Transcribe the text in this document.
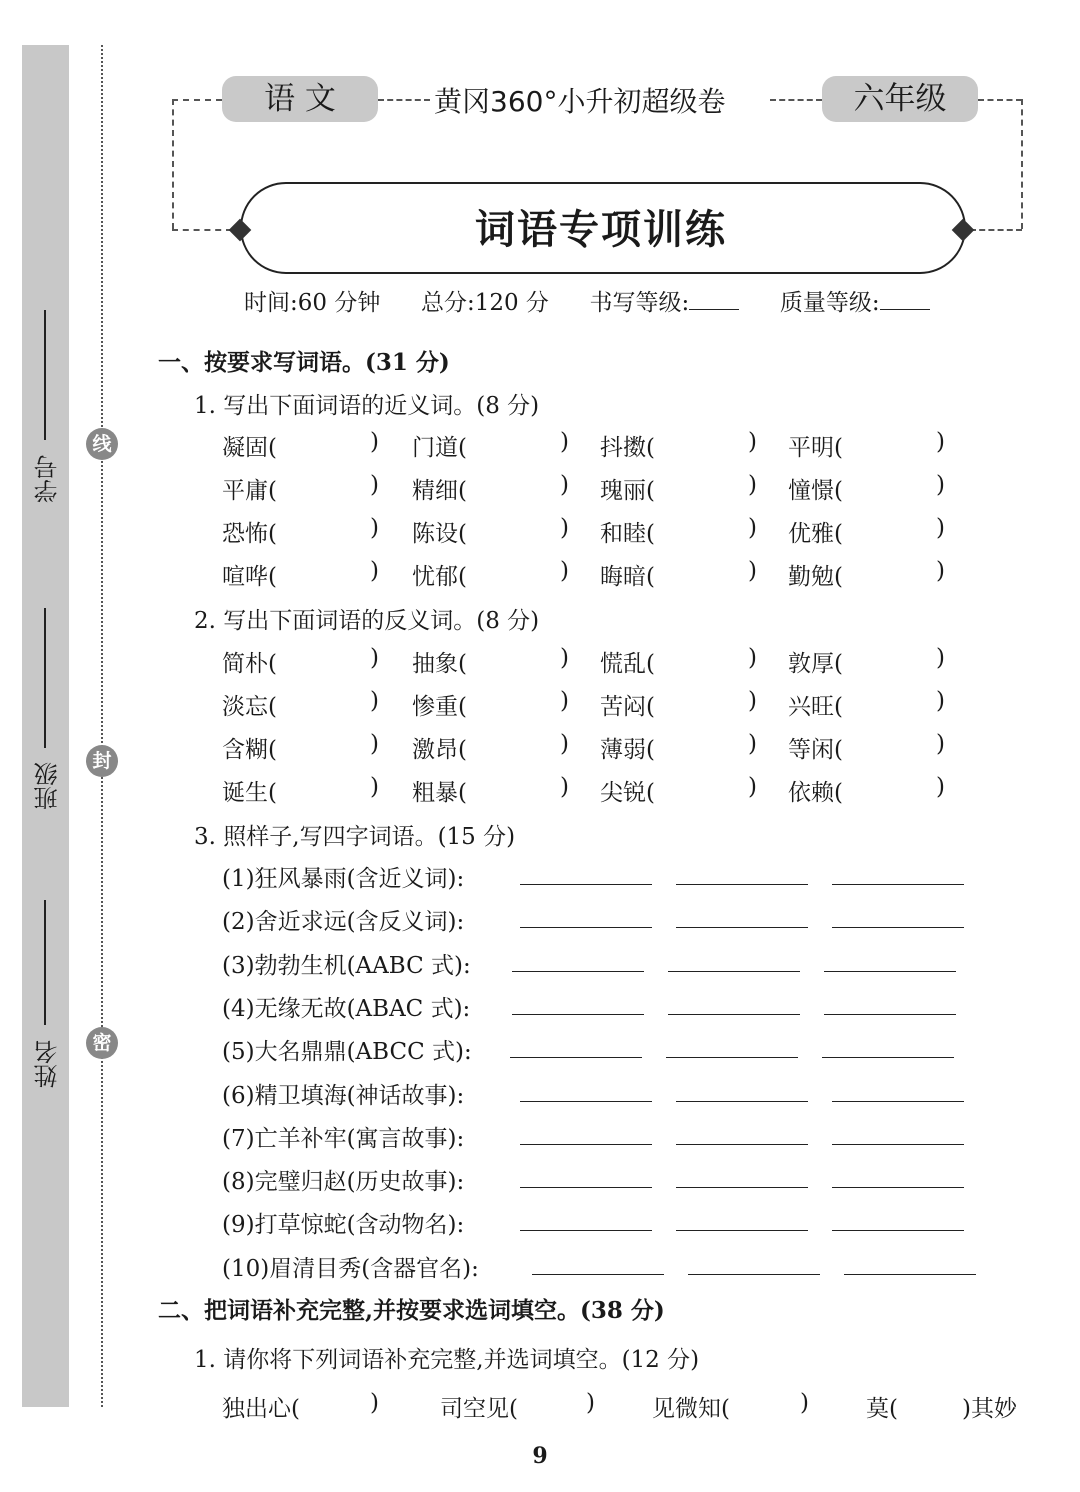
学号
班级
姓名
线
封
密
语 文	黄冈360°小升初超级卷	六年级
词语专项训练
时间:60 分钟 总分:120 分 书写等级:	质量等级:
一、按要求写词语。(31 分)
1. 写出下面词语的近义词。(8 分)
凝固(	) 门道(	) 抖擞(	) 平明(	)
平庸(	) 精细(	) 瑰丽(	) 憧憬(	)
恐怖(	) 陈设(	) 和睦(	) 优雅(	)
喧哗(	) 忧郁(	) 晦暗(	) 勤勉(	)
2. 写出下面词语的反义词。(8 分)
简朴(	) 抽象(	) 慌乱(	) 敦厚(	)
淡忘(	) 惨重(	) 苦闷(	) 兴旺(	)
含糊(	) 激昂(	) 薄弱(	) 等闲(	)
诞生(	) 粗暴(	) 尖锐(	) 依赖(	)
3. 照样子,写四字词语。(15 分)
(1)狂风暴雨(含近义词):
(2)舍近求远(含反义词):
(3)勃勃生机(AABC 式):
(4)无缘无故(ABAC 式):
(5)大名鼎鼎(ABCC 式):
(6)精卫填海(神话故事):
(7)亡羊补牢(寓言故事):
(8)完璧归赵(历史故事):
(9)打草惊蛇(含动物名):
(10)眉清目秀(含器官名):
二、把词语补充完整,并按要求选词填空。(38 分)
1. 请你将下列词语补充完整,并选词填空。(12 分)
独出心(	)	司空见(	) 见微知(	) 莫(	)其妙
9
